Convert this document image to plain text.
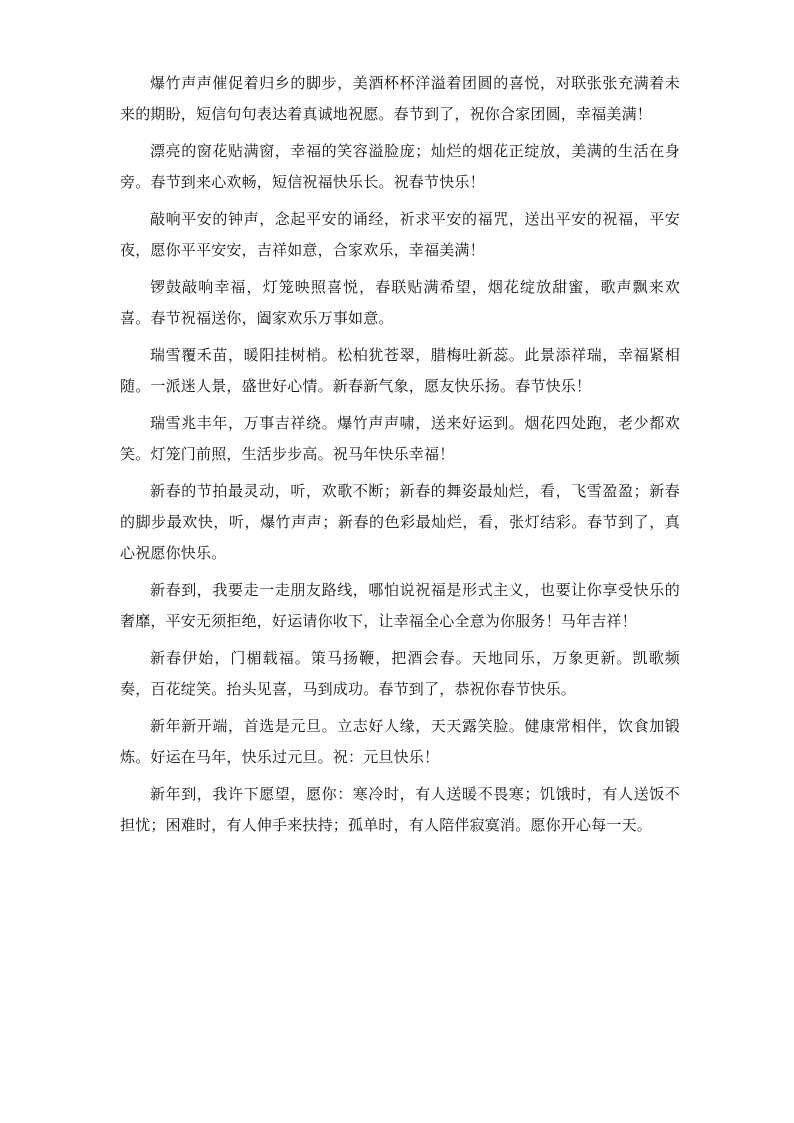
爆竹声声催促着归乡的脚步，美酒杯杯洋溢着团圆的喜悦，对联张张充满着未来的期盼，短信句句表达着真诚地祝愿。春节到了，祝你合家团圆，幸福美满！

漂亮的窗花贴满窗，幸福的笑容溢脸庞；灿烂的烟花正绽放，美满的生活在身旁。春节到来心欢畅，短信祝福快乐长。祝春节快乐！

敲响平安的钟声，念起平安的诵经，祈求平安的福咒，送出平安的祝福，平安夜，愿你平平安安，吉祥如意，合家欢乐，幸福美满！

锣鼓敲响幸福，灯笼映照喜悦，春联贴满希望，烟花绽放甜蜜，歌声飘来欢喜。春节祝福送你，阖家欢乐万事如意。

瑞雪覆禾苗，暖阳挂树梢。松柏犹苍翠，腊梅吐新蕊。此景添祥瑞，幸福紧相随。一派迷人景，盛世好心情。新春新气象，愿友快乐扬。春节快乐！

瑞雪兆丰年，万事吉祥绕。爆竹声声啸，送来好运到。烟花四处跑，老少都欢笑。灯笼门前照，生活步步高。祝马年快乐幸福！

新春的节拍最灵动，听，欢歌不断；新春的舞姿最灿烂，看，飞雪盈盈；新春的脚步最欢快，听，爆竹声声；新春的色彩最灿烂，看，张灯结彩。春节到了，真心祝愿你快乐。

新春到，我要走一走朋友路线，哪怕说祝福是形式主义，也要让你享受快乐的奢靡，平安无须拒绝，好运请你收下，让幸福全心全意为你服务！马年吉祥！

新春伊始，门楣载福。策马扬鞭，把酒会春。天地同乐，万象更新。凯歌频奏，百花绽笑。抬头见喜，马到成功。春节到了，恭祝你春节快乐。

新年新开端，首选是元旦。立志好人缘，天天露笑脸。健康常相伴，饮食加锻炼。好运在马年，快乐过元旦。祝：元旦快乐！

新年到，我许下愿望，愿你：寒冷时，有人送暖不畏寒；饥饿时，有人送饭不担忧；困难时，有人伸手来扶持；孤单时，有人陪伴寂寞消。愿你开心每一天。
